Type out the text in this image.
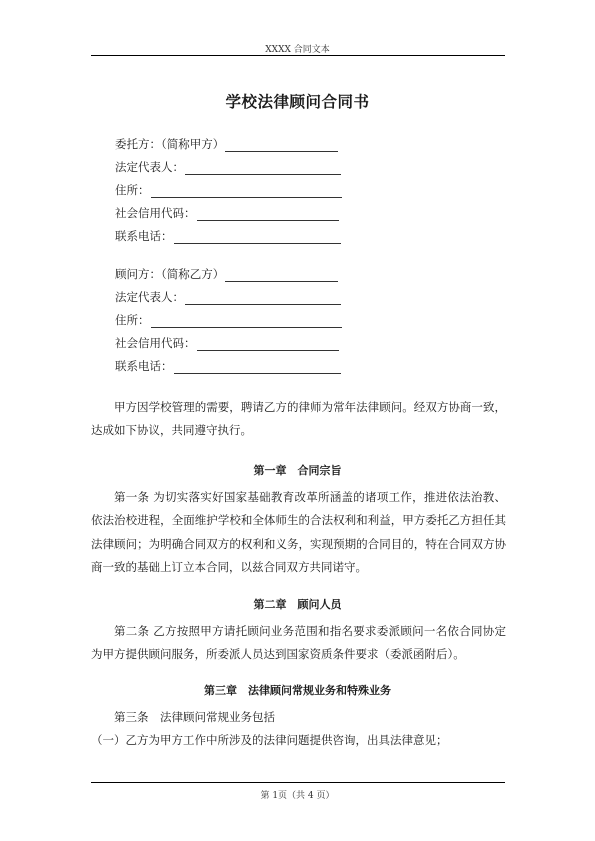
XXXX 合同文本
学校法律顾问合同书
委托方：（简称甲方）
法定代表人：
住所：
社会信用代码：
联系电话：
顾问方：（简称乙方）
法定代表人：
住所：
社会信用代码：
联系电话：

甲方因学校管理的需要，聘请乙方的律师为常年法律顾问。经双方协商一致，达成如下协议，共同遵守执行。

第一章　合同宗旨

第一条 为切实落实好国家基础教育改革所涵盖的诸项工作，推进依法治教、依法治校进程，全面维护学校和全体师生的合法权利和利益，甲方委托乙方担任其法律顾问；为明确合同双方的权利和义务，实现预期的合同目的，特在合同双方协商一致的基础上订立本合同，以兹合同双方共同诺守。

第二章　顾问人员

第二条 乙方按照甲方请托顾问业务范围和指名要求委派顾问一名依合同协定为甲方提供顾问服务，所委派人员达到国家资质条件要求（委派函附后）。

第三章　法律顾问常规业务和特殊业务

第三条　法律顾问常规业务包括

（一）乙方为甲方工作中所涉及的法律问题提供咨询，出具法律意见；

第 1页（共 4 页）
